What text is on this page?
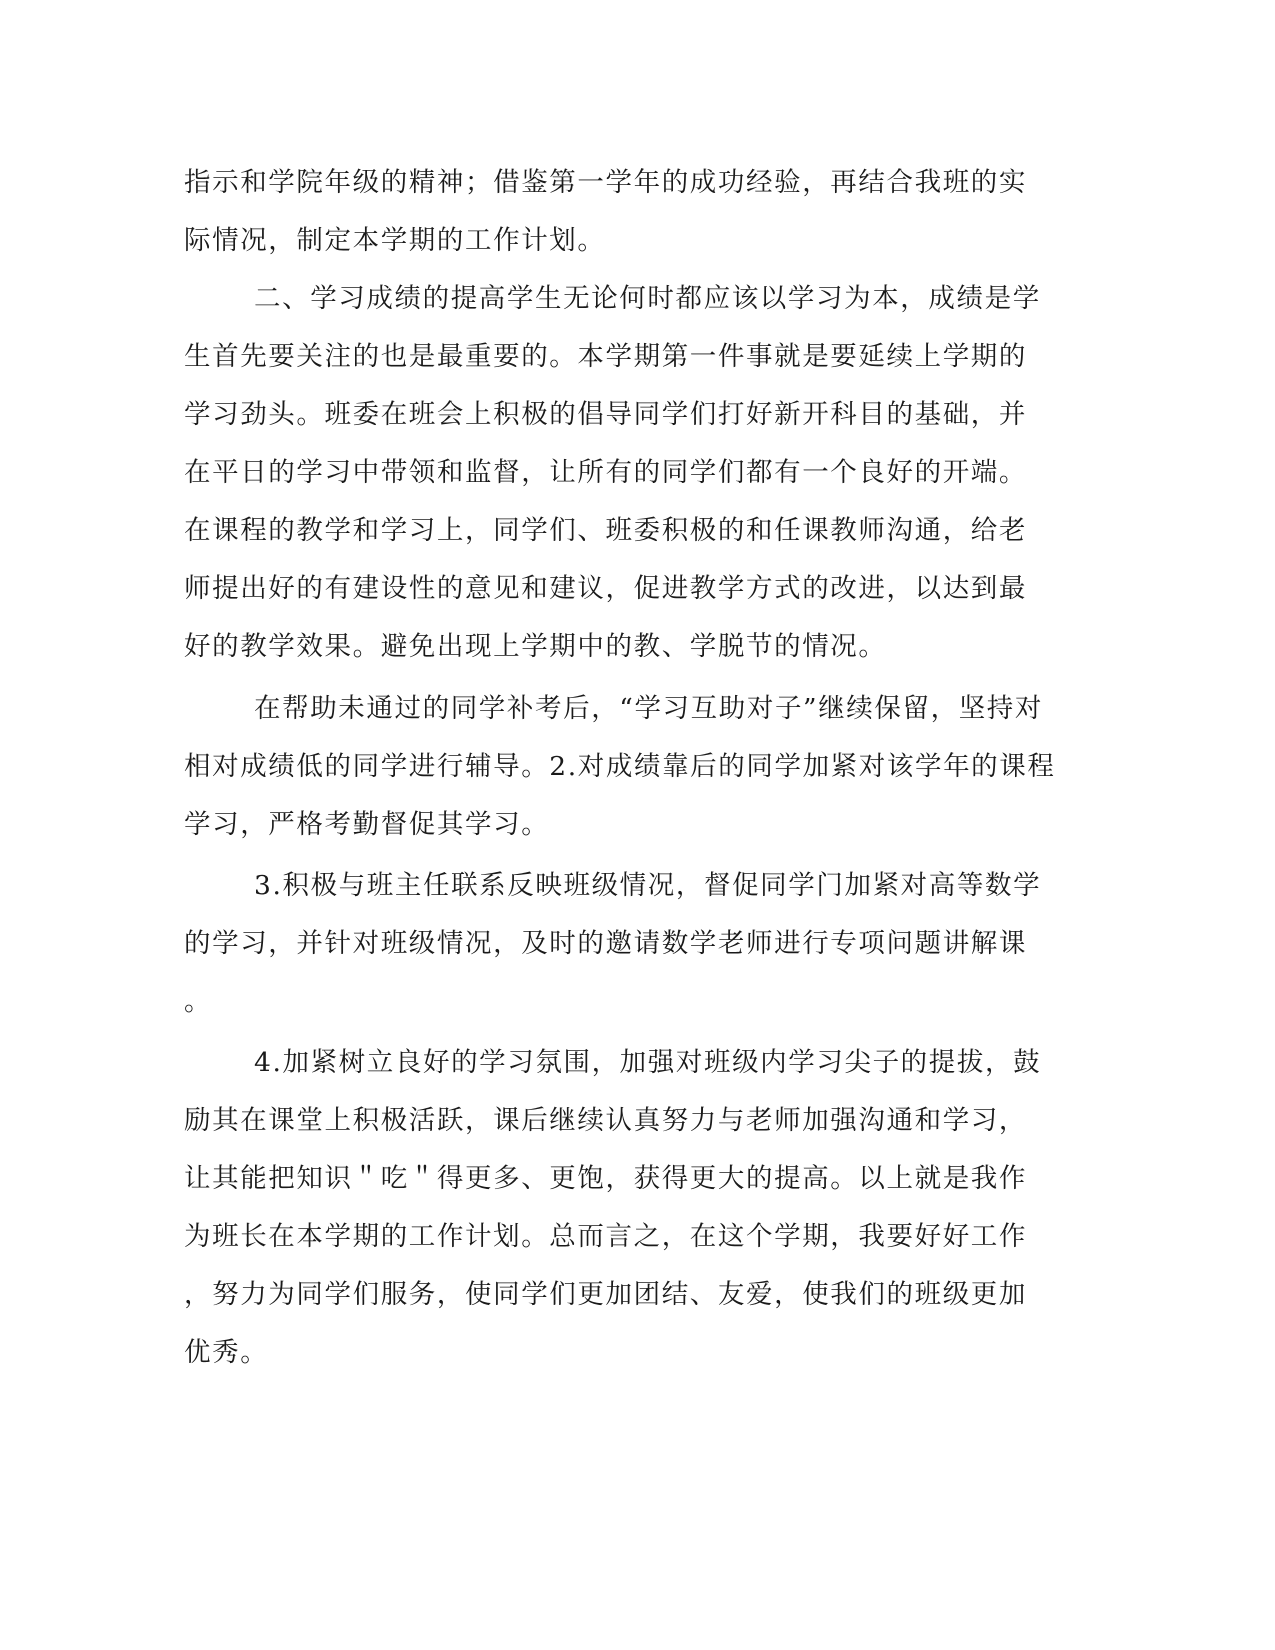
指示和学院年级的精神；借鉴第一学年的成功经验，再结合我班的实
际情况，制定本学期的工作计划。
二、学习成绩的提高学生无论何时都应该以学习为本，成绩是学
生首先要关注的也是最重要的。本学期第一件事就是要延续上学期的
学习劲头。班委在班会上积极的倡导同学们打好新开科目的基础，并
在平日的学习中带领和监督，让所有的同学们都有一个良好的开端。
在课程的教学和学习上，同学们、班委积极的和任课教师沟通，给老
师提出好的有建设性的意见和建议，促进教学方式的改进，以达到最
好的教学效果。避免出现上学期中的教、学脱节的情况。
在帮助未通过的同学补考后，“学习互助对子”继续保留，坚持对
相对成绩低的同学进行辅导。2.对成绩靠后的同学加紧对该学年的课程
学习，严格考勤督促其学习。
3.积极与班主任联系反映班级情况，督促同学门加紧对高等数学
的学习，并针对班级情况，及时的邀请数学老师进行专项问题讲解课
。
4.加紧树立良好的学习氛围，加强对班级内学习尖子的提拔，鼓
励其在课堂上积极活跃，课后继续认真努力与老师加强沟通和学习，
让其能把知识＂吃＂得更多、更饱，获得更大的提高。以上就是我作
为班长在本学期的工作计划。总而言之，在这个学期，我要好好工作
，努力为同学们服务，使同学们更加团结、友爱，使我们的班级更加
优秀。
